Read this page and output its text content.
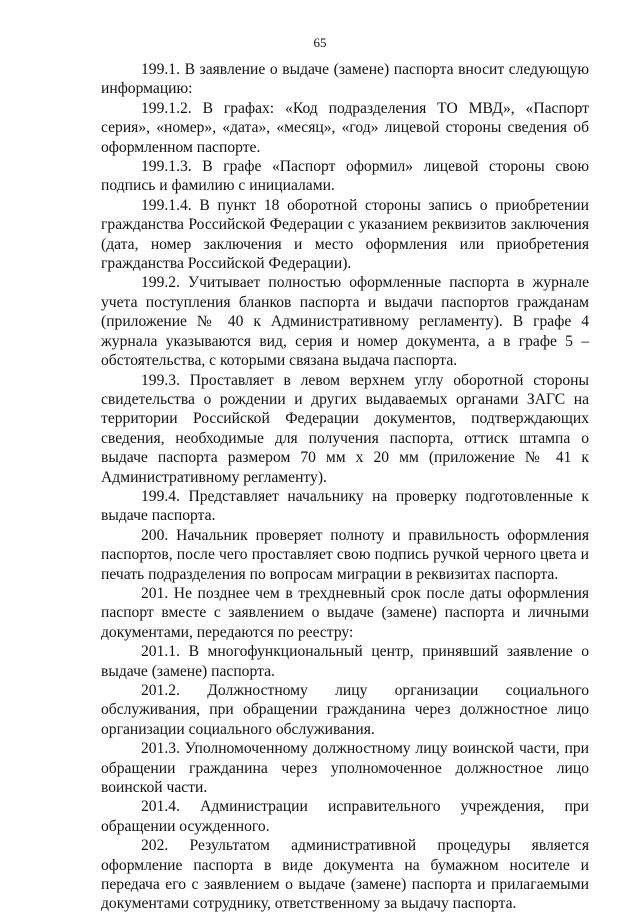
65

199.1. В заявление о выдаче (замене) паспорта вносит следующую информацию:

199.1.2. В графах: «Код подразделения ТО МВД», «Паспорт серия», «номер», «дата», «месяц», «год» лицевой стороны сведения об оформленном паспорте.

199.1.3. В графе «Паспорт оформил» лицевой стороны свою подпись и фамилию с инициалами.

199.1.4. В пункт 18 оборотной стороны запись о приобретении гражданства Российской Федерации с указанием реквизитов заключения (дата, номер заключения и место оформления или приобретения гражданства Российской Федерации).

199.2. Учитывает полностью оформленные паспорта в журнале учета поступления бланков паспорта и выдачи паспортов гражданам (приложение № 40 к Административному регламенту). В графе 4 журнала указываются вид, серия и номер документа, а в графе 5 – обстоятельства, с которыми связана выдача паспорта.

199.3. Проставляет в левом верхнем углу оборотной стороны свидетельства о рождении и других выдаваемых органами ЗАГС на территории Российской Федерации документов, подтверждающих сведения, необходимые для получения паспорта, оттиск штампа о выдаче паспорта размером 70 мм x 20 мм (приложение № 41 к Административному регламенту).

199.4. Представляет начальнику на проверку подготовленные к выдаче паспорта.

200. Начальник проверяет полноту и правильность оформления паспортов, после чего проставляет свою подпись ручкой черного цвета и печать подразделения по вопросам миграции в реквизитах паспорта.

201. Не позднее чем в трехдневный срок после даты оформления паспорт вместе с заявлением о выдаче (замене) паспорта и личными документами, передаются по реестру:

201.1. В многофункциональный центр, принявший заявление о выдаче (замене) паспорта.

201.2. Должностному лицу организации социального обслуживания, при обращении гражданина через должностное лицо организации социального обслуживания.

201.3. Уполномоченному должностному лицу воинской части, при обращении гражданина через уполномоченное должностное лицо воинской части.

201.4. Администрации исправительного учреждения, при обращении осужденного.

202. Результатом административной процедуры является оформление паспорта в виде документа на бумажном носителе и передача его с заявлением о выдаче (замене) паспорта и прилагаемыми документами сотруднику, ответственному за выдачу паспорта.
